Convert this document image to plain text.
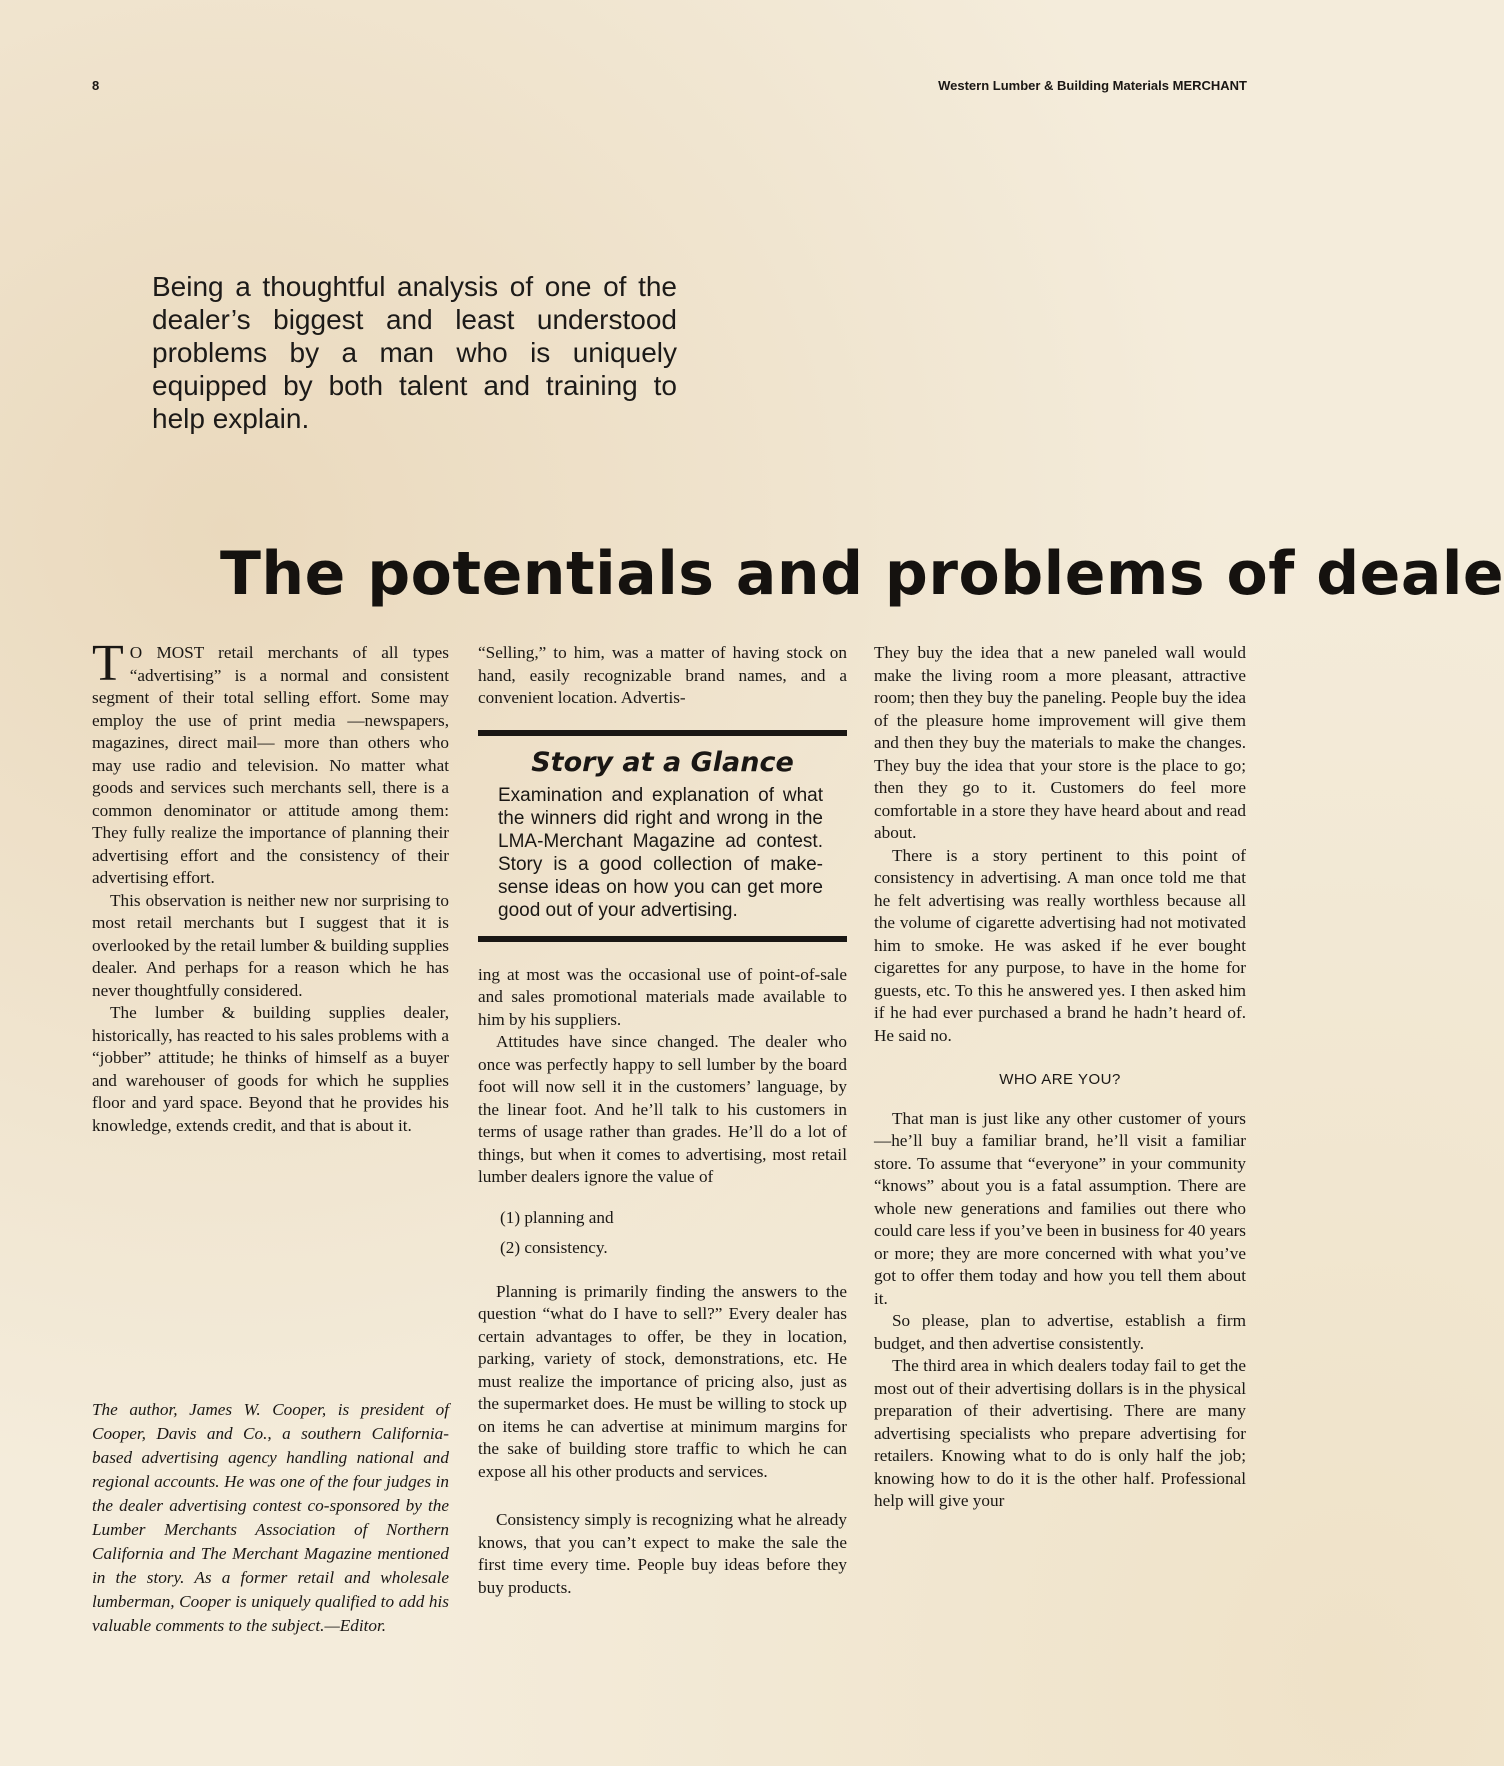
8	Western Lumber & Building Materials MERCHANT
Being a thoughtful analysis of one of the dealer’s biggest and least understood problems by a man who is uniquely equipped by both talent and training to help explain.
The potentials and problems of deale

T O MOST retail merchants of all types “advertising” is a normal and consistent segment of their total selling effort. Some may employ the use of print media —newspapers, magazines, direct mail— more than others who may use radio and television. No matter what goods and services such merchants sell, there is a common denominator or attitude among them: They fully realize the importance of planning their advertising effort and the consistency of their advertising effort.

This observation is neither new nor surprising to most retail merchants but I suggest that it is overlooked by the retail lumber & building supplies dealer. And perhaps for a reason which he has never thoughtfully considered.

The lumber & building supplies dealer, historically, has reacted to his sales problems with a “jobber” attitude; he thinks of himself as a buyer and warehouser of goods for which he supplies floor and yard space. Beyond that he provides his knowledge, extends credit, and that is about it.

The author, James W. Cooper, is president of Cooper, Davis and Co., a southern California-based advertising agency handling national and regional accounts. He was one of the four judges in the dealer advertising contest co-sponsored by the Lumber Merchants Association of Northern California and The Merchant Magazine mentioned in the story. As a former retail and wholesale lumberman, Cooper is uniquely qualified to add his valuable comments to the subject.—Editor.

“Selling,” to him, was a matter of having stock on hand, easily recognizable brand names, and a convenient location. Advertis-

Story at a Glance
Examination and explanation of what the winners did right and wrong in the LMA-Merchant Magazine ad contest. Story is a good collection of make-sense ideas on how you can get more good out of your advertising.

ing at most was the occasional use of point-of-sale and sales promotional materials made available to him by his suppliers.

Attitudes have since changed. The dealer who once was perfectly happy to sell lumber by the board foot will now sell it in the customers’ language, by the linear foot. And he’ll talk to his customers in terms of usage rather than grades. He’ll do a lot of things, but when it comes to advertising, most retail lumber dealers ignore the value of

(1) planning and
(2) consistency.

Planning is primarily finding the answers to the question “what do I have to sell?” Every dealer has certain advantages to offer, be they in location, parking, variety of stock, demonstrations, etc. He must realize the importance of pricing also, just as the supermarket does. He must be willing to stock up on items he can advertise at minimum margins for the sake of building store traffic to which he can expose all his other products and services.

Consistency simply is recognizing what he already knows, that you can’t expect to make the sale the first time every time. People buy ideas before they buy products.

They buy the idea that a new paneled wall would make the living room a more pleasant, attractive room; then they buy the paneling. People buy the idea of the pleasure home improvement will give them and then they buy the materials to make the changes. They buy the idea that your store is the place to go; then they go to it. Customers do feel more comfortable in a store they have heard about and read about.

There is a story pertinent to this point of consistency in advertising. A man once told me that he felt advertising was really worthless because all the volume of cigarette advertising had not motivated him to smoke. He was asked if he ever bought cigarettes for any purpose, to have in the home for guests, etc. To this he answered yes. I then asked him if he had ever purchased a brand he hadn’t heard of. He said no.

WHO ARE YOU?

That man is just like any other customer of yours—he’ll buy a familiar brand, he’ll visit a familiar store. To assume that “everyone” in your community “knows” about you is a fatal assumption. There are whole new generations and families out there who could care less if you’ve been in business for 40 years or more; they are more concerned with what you’ve got to offer them today and how you tell them about it.

So please, plan to advertise, establish a firm budget, and then advertise consistently.

The third area in which dealers today fail to get the most out of their advertising dollars is in the physical preparation of their advertising. There are many advertising specialists who prepare advertising for retailers. Knowing what to do is only half the job; knowing how to do it is the other half. Professional help will give your
